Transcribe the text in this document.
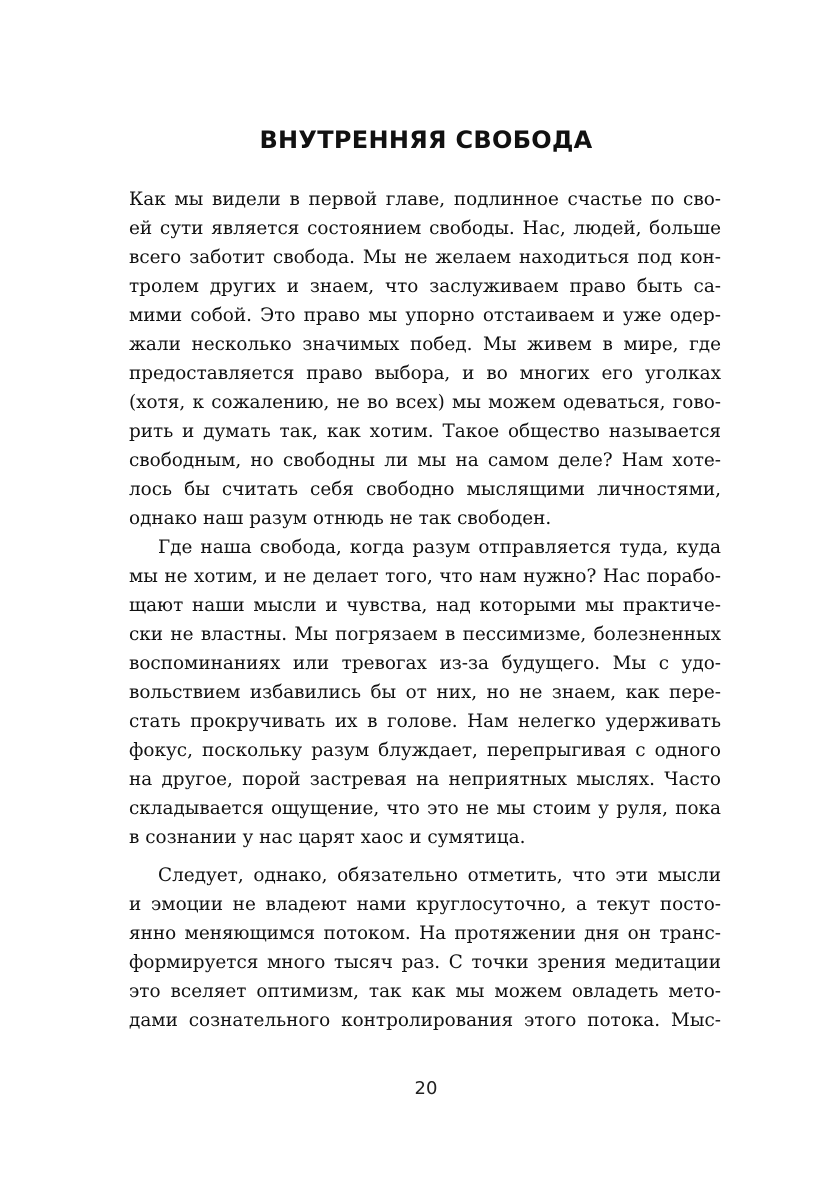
ВНУТРЕННЯЯ СВОБОДА

Как мы видели в первой главе, подлинное счастье по сво-
ей сути является состоянием свободы. Нас, людей, больше
всего заботит свобода. Мы не желаем находиться под кон-
тролем других и знаем, что заслуживаем право быть са-
мими собой. Это право мы упорно отстаиваем и уже одер-
жали несколько значимых побед. Мы живем в мире, где
предоставляется право выбора, и во многих его уголках
(хотя, к сожалению, не во всех) мы можем одеваться, гово-
рить и думать так, как хотим. Такое общество называется
свободным, но свободны ли мы на самом деле? Нам хоте-
лось бы считать себя свободно мыслящими личностями,
однако наш разум отнюдь не так свободен.

Где наша свобода, когда разум отправляется туда, куда
мы не хотим, и не делает того, что нам нужно? Нас порабо-
щают наши мысли и чувства, над которыми мы практиче-
ски не властны. Мы погрязаем в пессимизме, болезненных
воспоминаниях или тревогах из-за будущего. Мы с удо-
вольствием избавились бы от них, но не знаем, как пере-
стать прокручивать их в голове. Нам нелегко удерживать
фокус, поскольку разум блуждает, перепрыгивая с одного
на другое, порой застревая на неприятных мыслях. Часто
складывается ощущение, что это не мы стоим у руля, пока
в сознании у нас царят хаос и сумятица.

Следует, однако, обязательно отметить, что эти мысли
и эмоции не владеют нами круглосуточно, а текут посто-
янно меняющимся потоком. На протяжении дня он транс-
формируется много тысяч раз. С точки зрения медитации
это вселяет оптимизм, так как мы можем овладеть мето-
дами сознательного контролирования этого потока. Мыс-

20
